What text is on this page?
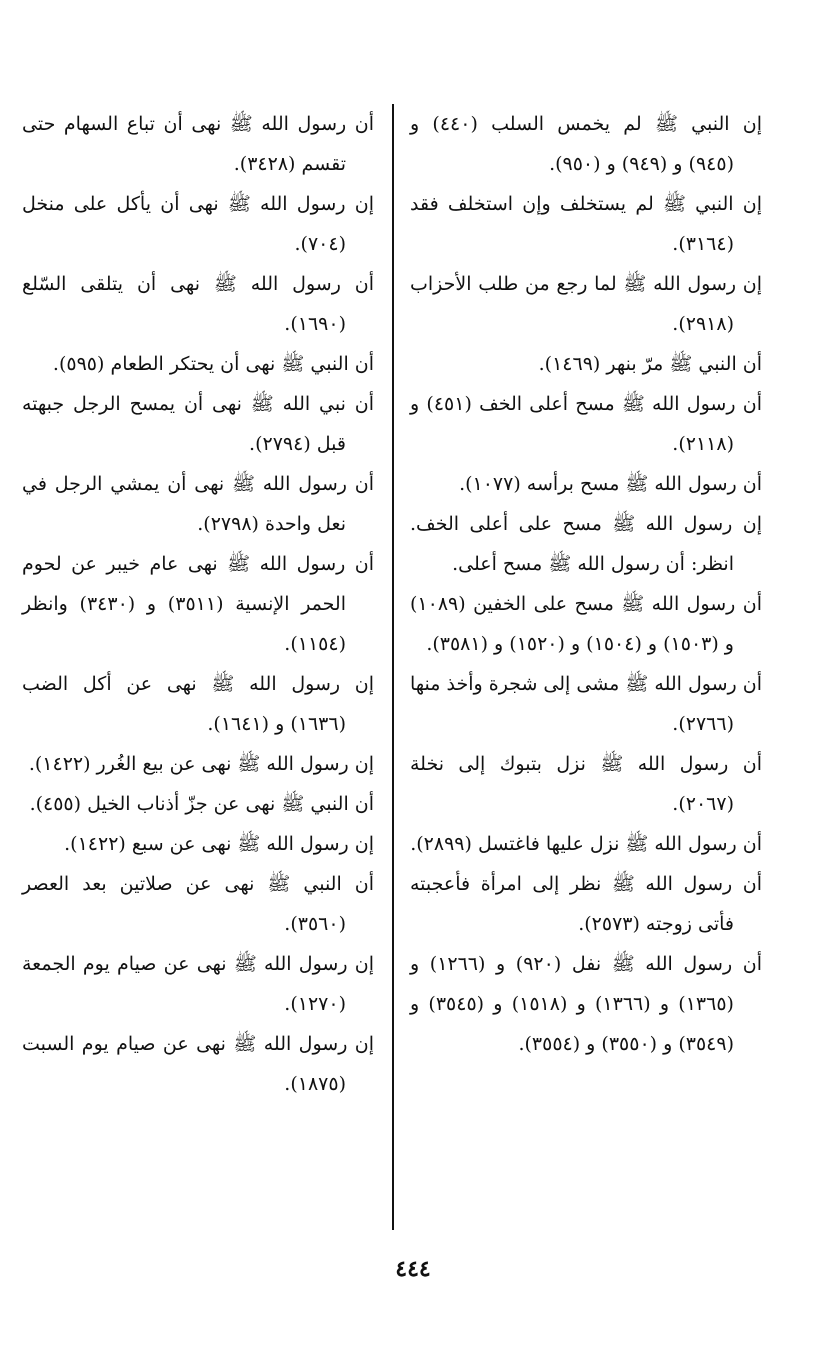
إن النبي ﷺ لم يخمس السلب (٤٤٠) و (٩٤٥) و (٩٤٩) و (٩٥٠).

إن النبي ﷺ لم يستخلف وإن استخلف فقد (٣١٦٤).

إن رسول الله ﷺ لما رجع من طلب الأحزاب (٢٩١٨).

أن النبي ﷺ مرّ بنهر (١٤٦٩).

أن رسول الله ﷺ مسح أعلى الخف (٤٥١) و (٢١١٨).

أن رسول الله ﷺ مسح برأسه (١٠٧٧).

إن رسول الله ﷺ مسح على أعلى الخف. انظر: أن رسول الله ﷺ مسح أعلى.

أن رسول الله ﷺ مسح على الخفين (١٠٨٩) و (١٥٠٣) و (١٥٠٤) و (١٥٢٠) و (٣٥٨١).

أن رسول الله ﷺ مشى إلى شجرة وأخذ منها (٢٧٦٦).

أن رسول الله ﷺ نزل بتبوك إلى نخلة (٢٠٦٧).

أن رسول الله ﷺ نزل عليها فاغتسل (٢٨٩٩).

أن رسول الله ﷺ نظر إلى امرأة فأعجبته فأتى زوجته (٢٥٧٣).

أن رسول الله ﷺ نفل (٩٢٠) و (١٢٦٦) و (١٣٦٥) و (١٣٦٦) و (١٥١٨) و (٣٥٤٥) و (٣٥٤٩) و (٣٥٥٠) و (٣٥٥٤).

أن رسول الله ﷺ نهى أن تباع السهام حتى تقسم (٣٤٢٨).

إن رسول الله ﷺ نهى أن يأكل على منخل (٧٠٤).

أن رسول الله ﷺ نهى أن يتلقى السّلع (١٦٩٠).

أن النبي ﷺ نهى أن يحتكر الطعام (٥٩٥).

أن نبي الله ﷺ نهى أن يمسح الرجل جبهته قبل (٢٧٩٤).

أن رسول الله ﷺ نهى أن يمشي الرجل في نعل واحدة (٢٧٩٨).

أن رسول الله ﷺ نهى عام خيبر عن لحوم الحمر الإنسية (٣٥١١) و (٣٤٣٠) وانظر (١١٥٤).

إن رسول الله ﷺ نهى عن أكل الضب (١٦٣٦) و (١٦٤١).

إن رسول الله ﷺ نهى عن بيع الغُرر (١٤٢٢).

أن النبي ﷺ نهى عن جزّ أذناب الخيل (٤٥٥).

إن رسول الله ﷺ نهى عن سبع (١٤٢٢).

أن النبي ﷺ نهى عن صلاتين بعد العصر (٣٥٦٠).

إن رسول الله ﷺ نهى عن صيام يوم الجمعة (١٢٧٠).

إن رسول الله ﷺ نهى عن صيام يوم السبت (١٨٧٥).

٤٤٤
